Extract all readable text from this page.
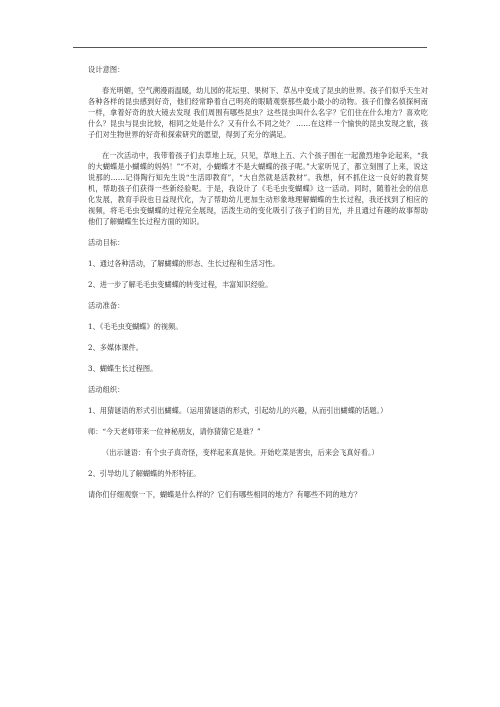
设计意图：

春光明媚，空气溯漫雨温暖，幼儿园的花坛里、果树下、草丛中变成了昆虫的世界。孩子们似乎天生对各种各样的昆虫感到好奇，他们经常睁着自己明亮的眼睛观察那些最小最小的动物。孩子们像名侦探柯南一样，拿着好奇的放大镜去发现 我们周围有哪些昆虫？这些昆虫叫什么名字？它们住在什么地方？喜欢吃什么？昆虫与昆虫比较，相同之处是什么？又有什么不同之处？ ……在这样一个愉快的昆虫发现之旅，孩子们对生物世界的好奇和探索研究的愿望，得到了充分的满足。

在一次活动中，我带着孩子们去草地上玩，只见，草地上五、六个孩子围在一起激烈地争论起来，“我的大蝴蝶是小蝴蝶的妈妈！”“不对，小蝴蝶才不是大蝴蝶的孩子呢。”大家听见了，都立刻围了上来，说这说那的……记得陶行知先生说“生活即教育”，“大自然就是活教材”。我想，何不抓住这一良好的教育契机，帮助孩子们获得一些新经验呢。于是，我设计了《毛毛虫变蝴蝶》这一活动。同时，随着社会的信息化发展，教育手段也日益现代化，为了帮助幼儿更加生动形象地理解蝴蝶的生长过程，我还找到了相应的视频，将毛毛虫变蝴蝶的过程完全展现，活泼生动的变化吸引了孩子们的目光，并且通过有趣的故事帮助他们了解蝴蝶生长过程方面的知识。

活动目标：

1、通过各种活动，了解蝴蝶的形态、生长过程和生活习性。

2、进一步了解毛毛虫变蝴蝶的转变过程，丰富知识经验。

活动准备：

1、《毛毛虫变蝴蝶》的视频。

2、多媒体课件。

3、蝴蝶生长过程图。

活动组织：

1、用猜谜语的形式引出蝴蝶。（运用猜谜语的形式，引起幼儿的兴趣，从而引出蝴蝶的话题。）

师：“今天老师带来一位神秘朋友，请你猜猜它是谁？”

（出示谜语：有个虫子真奇怪，变样起来真是快。开始吃菜是害虫，后来会飞真好看。）

2、引导幼儿了解蝴蝶的外形特征。

请你们仔细观察一下，蝴蝶是什么样的？它们有哪些相同的地方？有哪些不同的地方？
